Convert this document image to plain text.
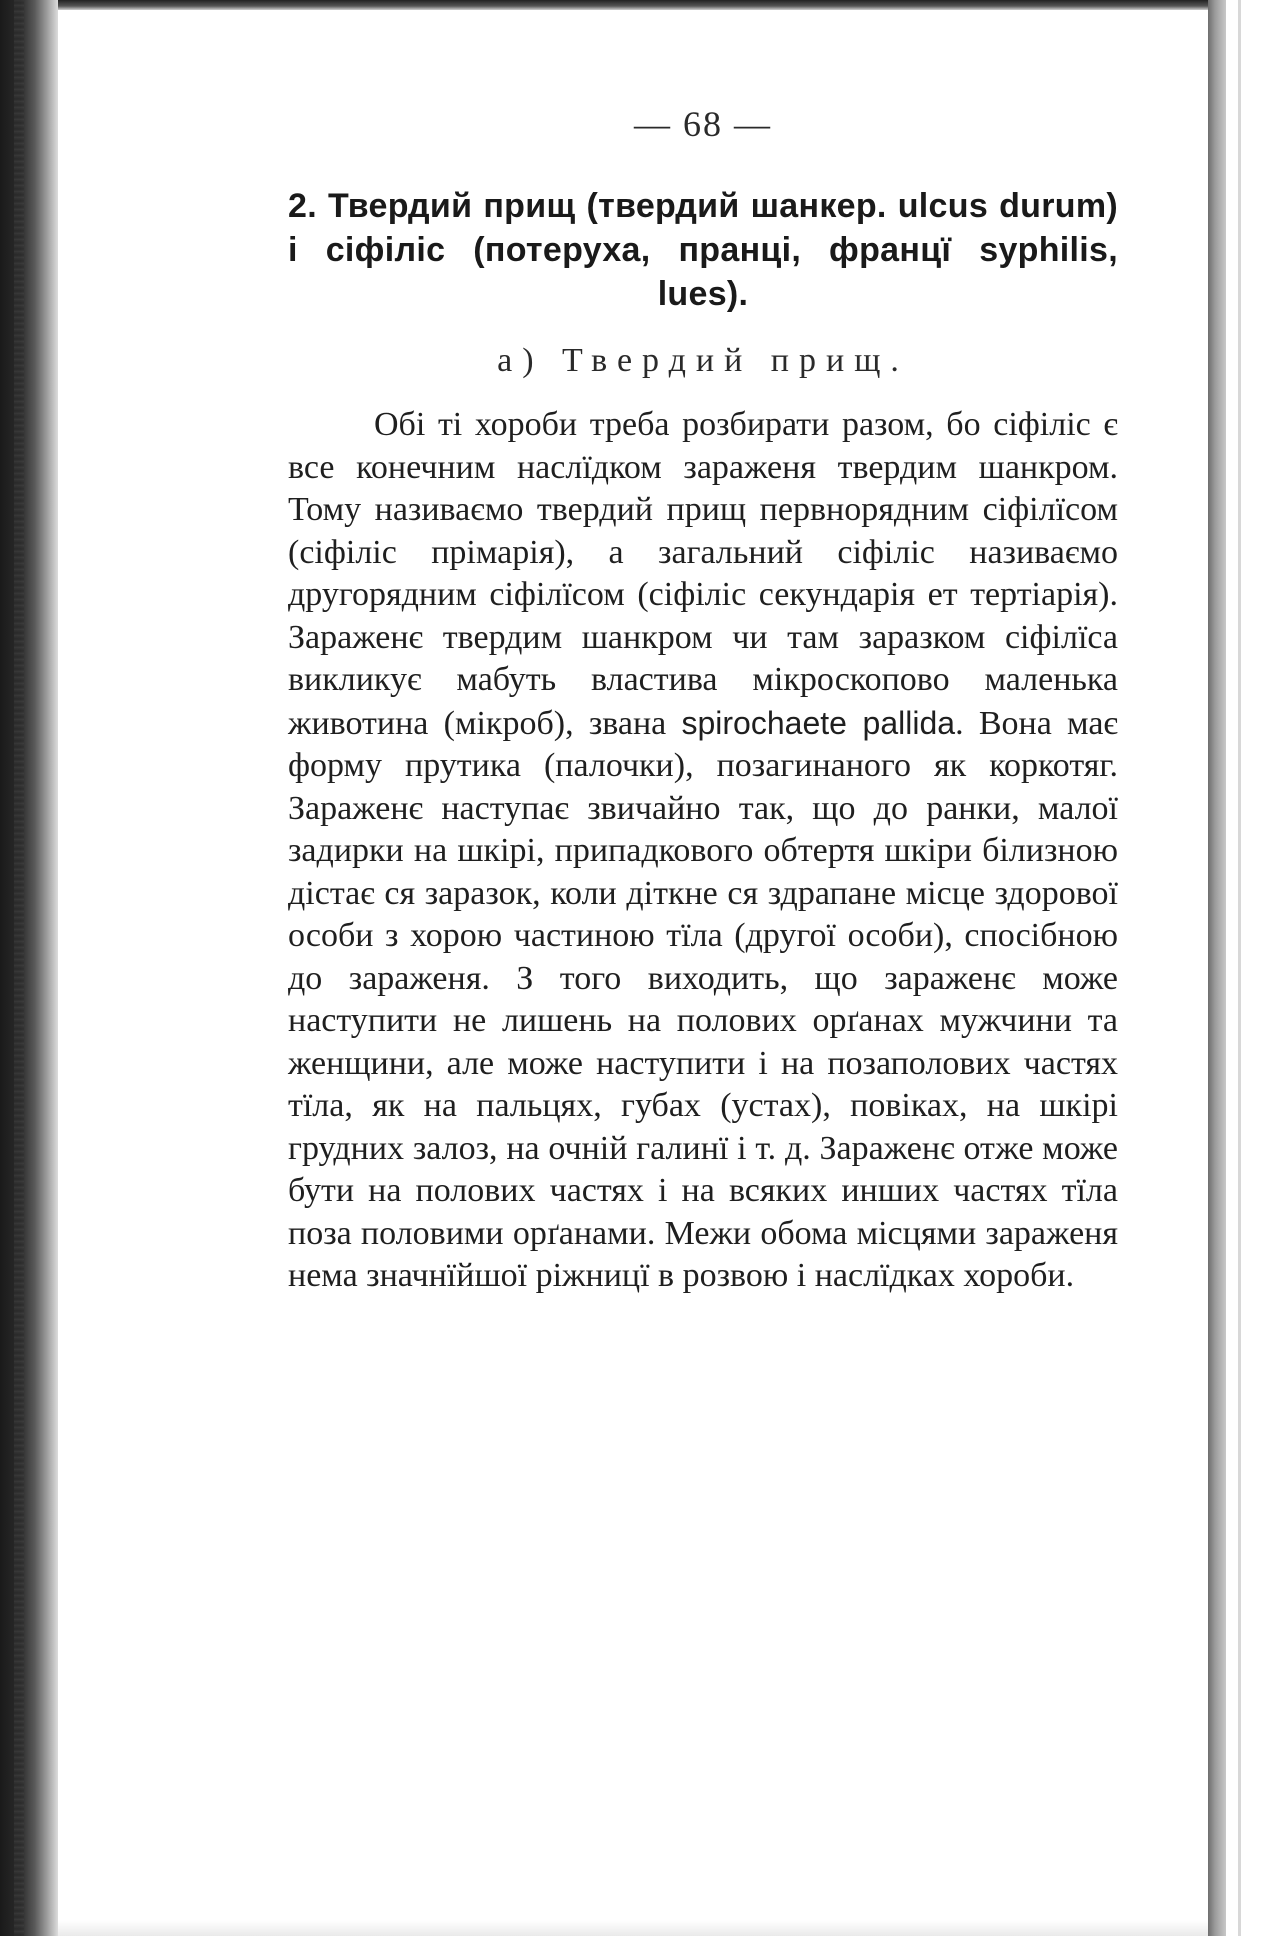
— 68 —
2. Твердий прищ (твердий шанкер. ulcus durum) і сіфіліс (потеруха, пранці, францї syphilis, lues).
а) Твердий прищ.

Обі ті хороби треба розбирати разом, бо сіфіліс є все конечним наслїдком зараженя твердим шанкром. Тому називаємо твердий прищ первнорядним сіфілїсом (сіфіліс прімарія), а загальний сіфіліс називаємо другорядним сіфілїсом (сіфіліс секундарія ет тертіарія). Зараженє твердим шанкром чи там заразком сіфілїса викликує мабуть властива мікроскопово маленька животина (мікроб), звана spirochaete pallida. Вона має форму прутика (палочки), позагинаного як коркотяг. Зараженє наступає звичайно так, що до ранки, малої задирки на шкірі, припадкового обтертя шкіри білизною дістає ся заразок, коли діткне ся здрапане місце здорової особи з хорою частиною тїла (другої особи), спосібною до зараженя. З того виходить, що зараженє може наступити не лишень на половиx орґанах мужчини та женщини, але може наступити і на позаполових частях тїла, як на пальцях, губах (устах), повіках, на шкірі грудних залоз, на очній галинї і т. д. Зараженє отже може бути на полових частях і на всяких инших частях тїла поза половими орґанами. Межи обома місцями зараженя нема значнїйшої ріжницї в розвою і наслїдках хороби.
